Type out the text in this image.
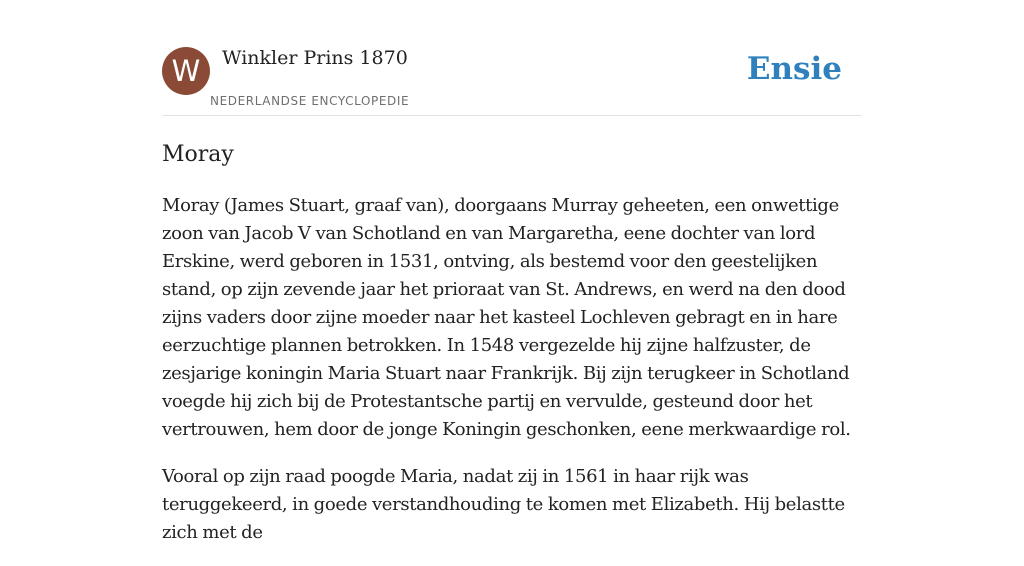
W	Winkler Prins 1870
NEDERLANDSE ENCYCLOPEDIE
Ensie
Moray

Moray (James Stuart, graaf van), doorgaans Murray geheeten, een onwettige zoon van Jacob V van Schotland en van Margaretha, eene dochter van lord Erskine, werd geboren in 1531, ontving, als bestemd voor den geestelijken stand, op zijn zevende jaar het prioraat van St. Andrews, en werd na den dood zijns vaders door zijne moeder naar het kasteel Lochleven gebragt en in hare eerzuchtige plannen betrokken. In 1548 vergezelde hij zijne halfzuster, de zesjarige koningin Maria Stuart naar Frankrijk. Bij zijn terugkeer in Schotland voegde hij zich bij de Protestantsche partij en vervulde, gesteund door het vertrouwen, hem door de jonge Koningin geschonken, eene merkwaardige rol.

Vooral op zijn raad poogde Maria, nadat zij in 1561 in haar rijk was teruggekeerd, in goede verstandhouding te komen met Elizabeth. Hij belastte zich met de
